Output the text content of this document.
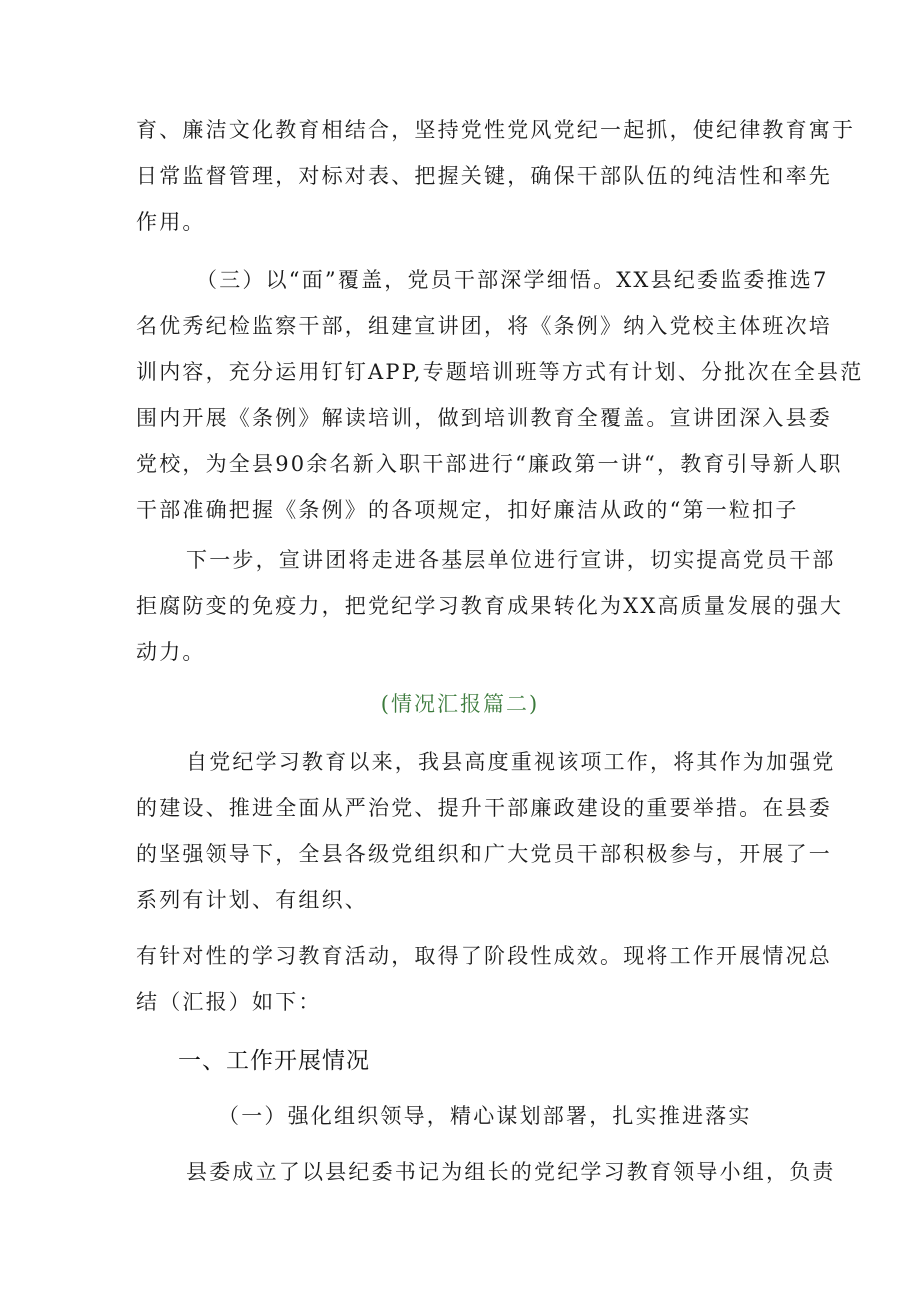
育、廉洁文化教育相结合，坚持党性党风党纪一起抓，使纪律教育寓于
日常监督管理，对标对表、把握关键，确保干部队伍的纯洁性和率先
作用。
（三）以“面”覆盖，党员干部深学细悟。XX县纪委监委推选7
名优秀纪检监察干部，组建宣讲团，将《条例》纳入党校主体班次培
训内容，充分运用钉钉APP,专题培训班等方式有计划、分批次在全县范
围内开展《条例》解读培训，做到培训教育全覆盖。宣讲团深入县委
党校，为全县90余名新入职干部进行“廉政第一讲“，教育引导新人职
干部准确把握《条例》的各项规定，扣好廉洁从政的“第一粒扣子
下一步，宣讲团将走进各基层单位进行宣讲，切实提高党员干部
拒腐防变的免疫力，把党纪学习教育成果转化为XX高质量发展的强大
动力。
(情况汇报篇二)
自党纪学习教育以来，我县高度重视该项工作，将其作为加强党
的建设、推进全面从严治党、提升干部廉政建设的重要举措。在县委
的坚强领导下，全县各级党组织和广大党员干部积极参与，开展了一
系列有计划、有组织、
有针对性的学习教育活动，取得了阶段性成效。现将工作开展情况总
结（汇报）如下：
一、工作开展情况
（一）强化组织领导，精心谋划部署，扎实推进落实
县委成立了以县纪委书记为组长的党纪学习教育领导小组，负责
